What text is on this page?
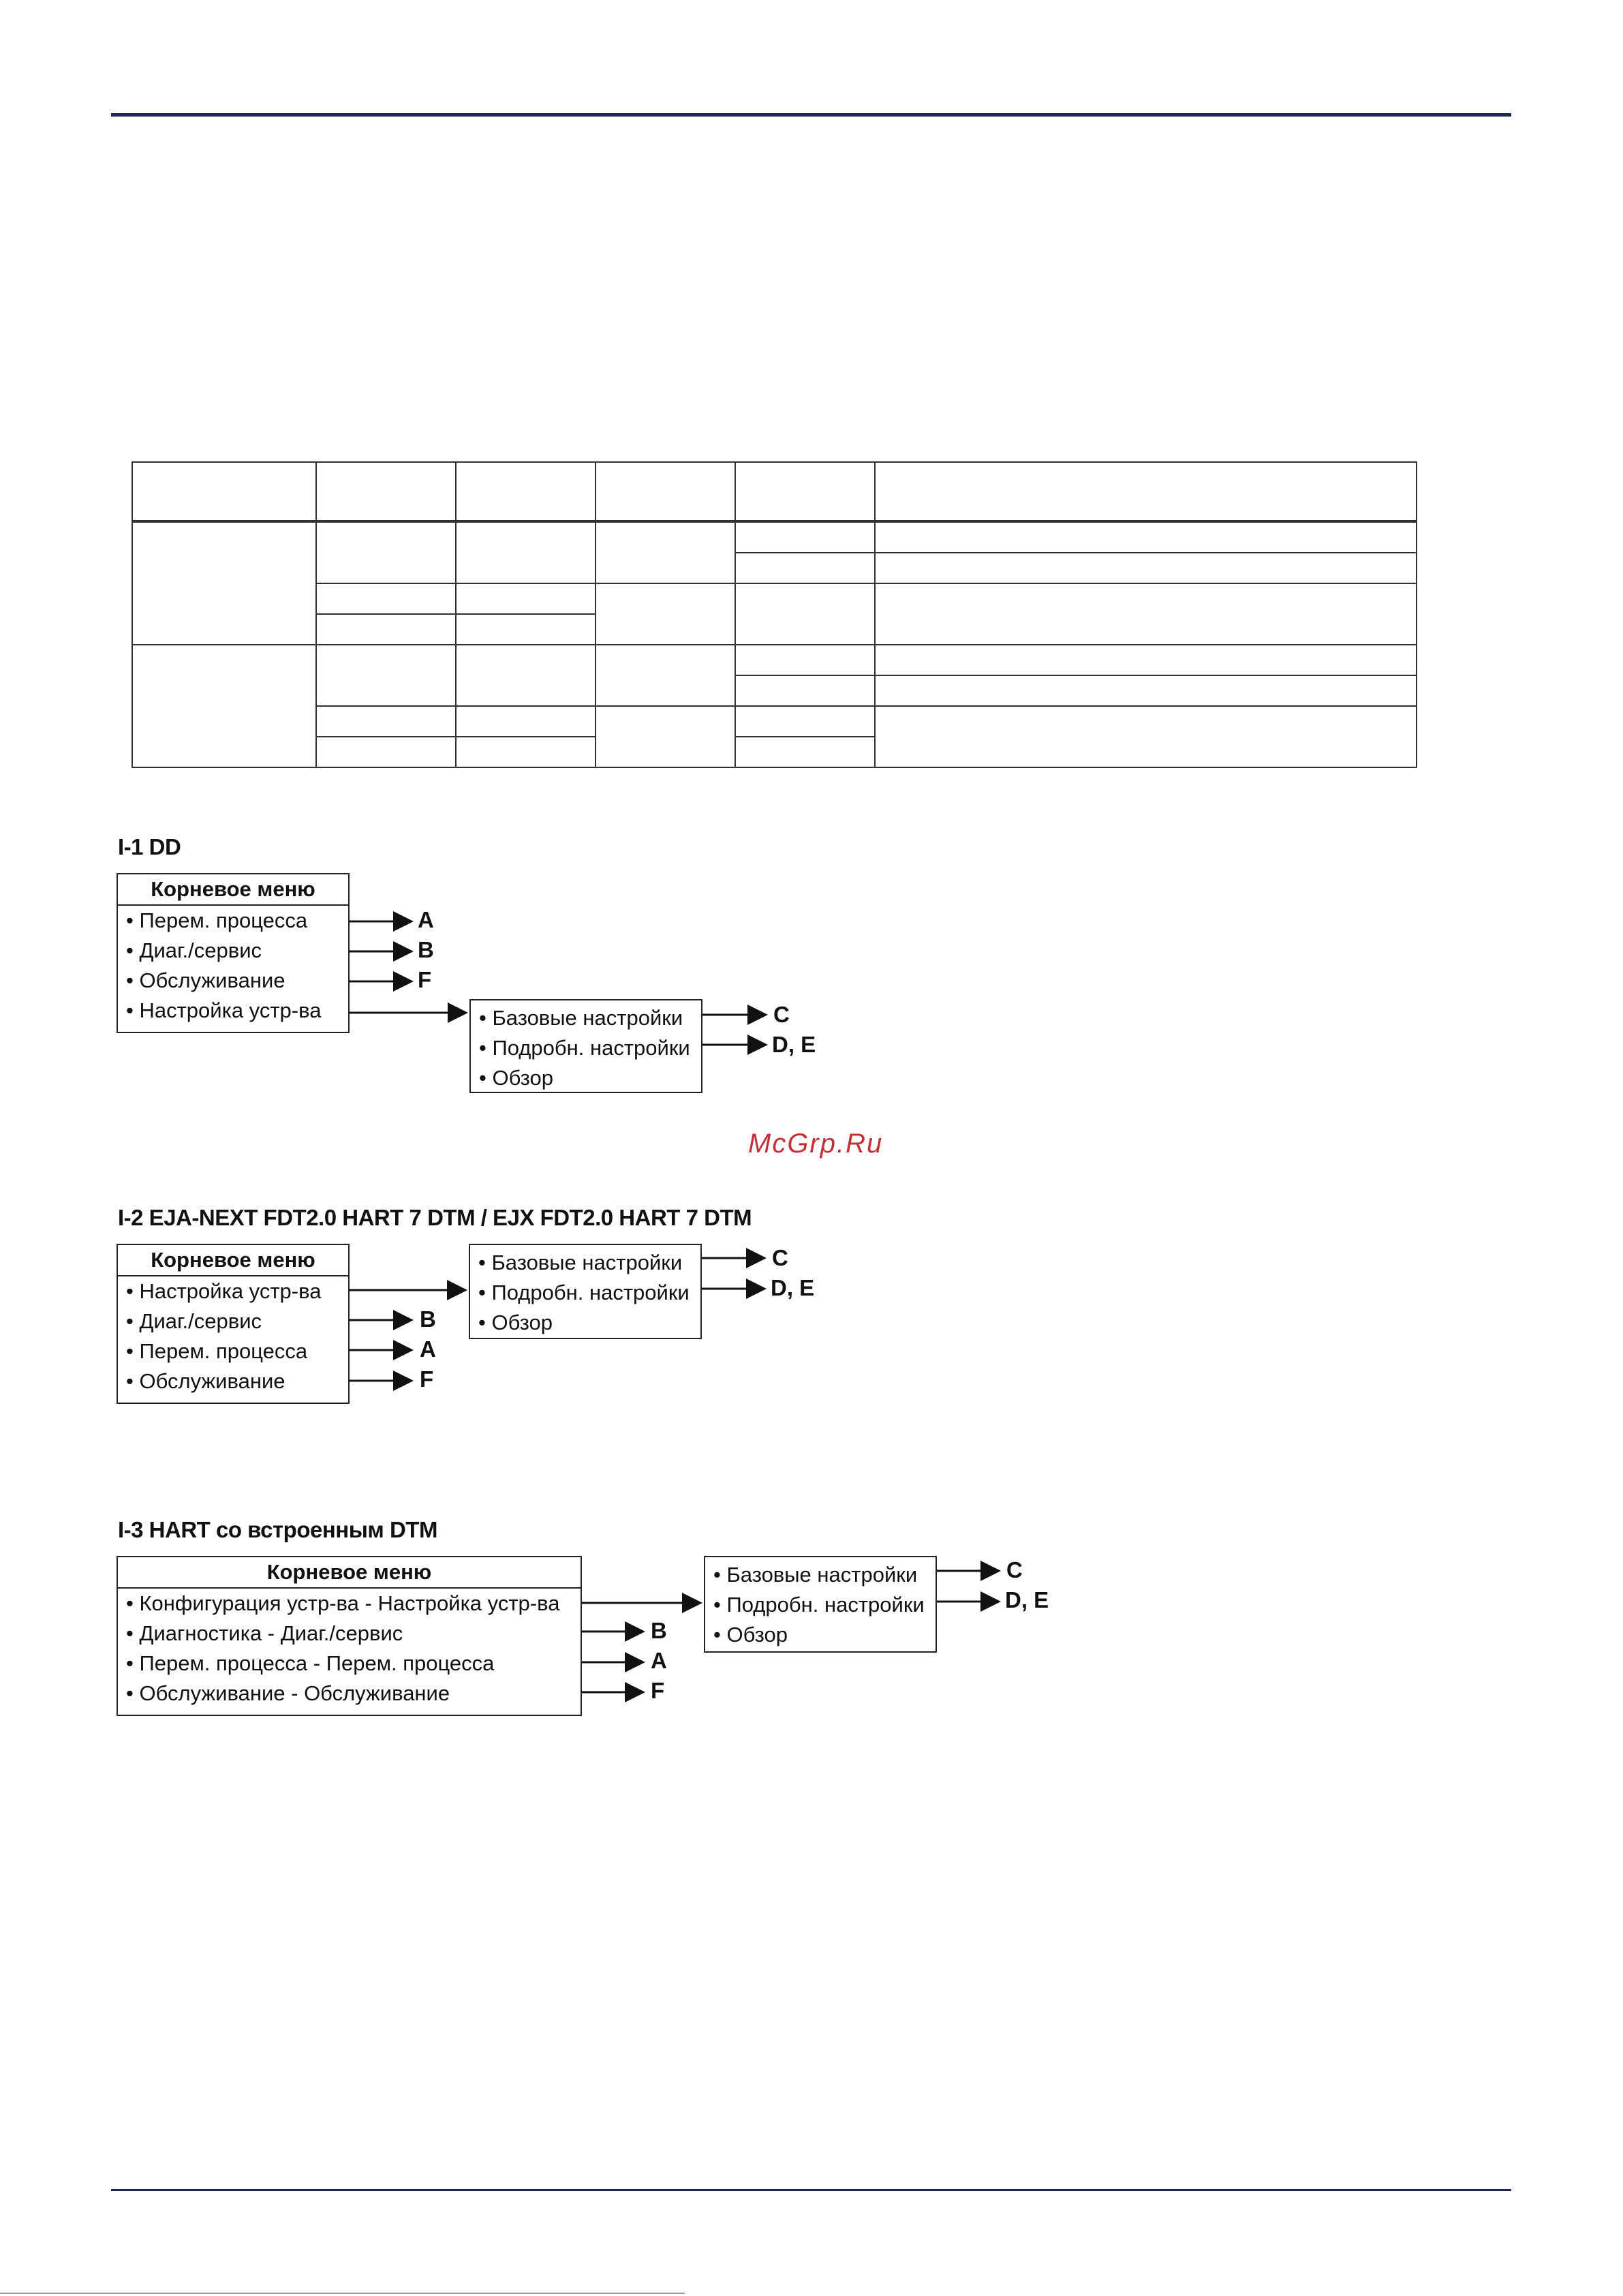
I-1 DD
Корневое меню
• Перем. процесса
• Диаг./сервис
• Обслуживание
• Настройка устр-ва	• Базовые настройки
• Подробн. настройки
• Обзор
A
B
F
C
D, E
McGrp.Ru
I-2 EJA-NEXT FDT2.0 HART 7 DTM / EJX FDT2.0 HART 7 DTM
Корневое меню
• Настройка устр-ва
• Диаг./сервис
• Перем. процесса
• Обслуживание
• Базовые настройки
• Подробн. настройки
• Обзор
C
D, E
B
A
F
I-3 HART со встроенным DTM
Корневое меню
• Конфигурация устр-ва - Настройка устр-ва
• Диагностика - Диаг./сервис
• Перем. процесса - Перем. процесса
• Обслуживание - Обслуживание
• Базовые настройки
• Подробн. настройки
• Обзор
C
D, E
B
A
F
